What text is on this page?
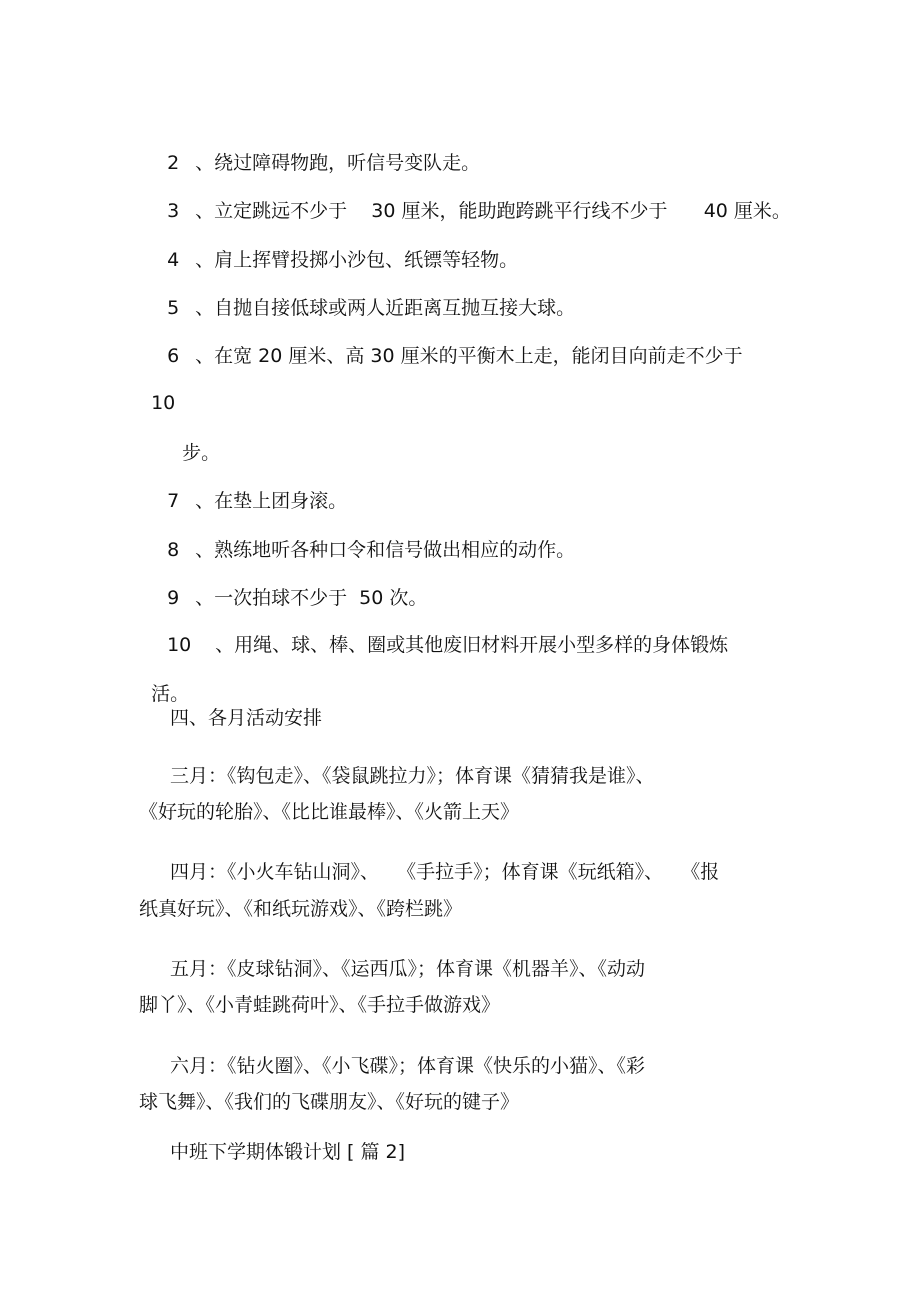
2 、绕过障碍物跑，听信号变队走。

3 、立定跳远不少于    30 厘米，能助跑跨跳平行线不少于      40 厘米。

4 、肩上挥臂投掷小沙包、纸镖等轻物。

5 、自抛自接低球或两人近距离互抛互接大球。

6 、在宽 20 厘米、高 30 厘米的平衡木上走，能闭目向前走不少于

10

步。

7 、在垫上团身滚。

8 、熟练地听各种口令和信号做出相应的动作。

9 、一次拍球不少于  50 次。

10 、用绳、球、棒、圈或其他废旧材料开展小型多样的身体锻炼

活。

四、各月活动安排
三月：《钩包走》、《袋鼠跳拉力》；体育课《猜猜我是谁》、
《好玩的轮胎》、《比比谁最棒》、《火箭上天》
四月：《小火车钻山洞》、   《手拉手》；体育课《玩纸箱》、   《报
纸真好玩》、《和纸玩游戏》、《跨栏跳》
五月：《皮球钻洞》、《运西瓜》；体育课《机器羊》、《动动
脚丫》、《小青蛙跳荷叶》、《手拉手做游戏》
六月：《钻火圈》、《小飞碟》；体育课《快乐的小猫》、《彩
球飞舞》、《我们的飞碟朋友》、《好玩的键子》
中班下学期体锻计划 [ 篇 2]
